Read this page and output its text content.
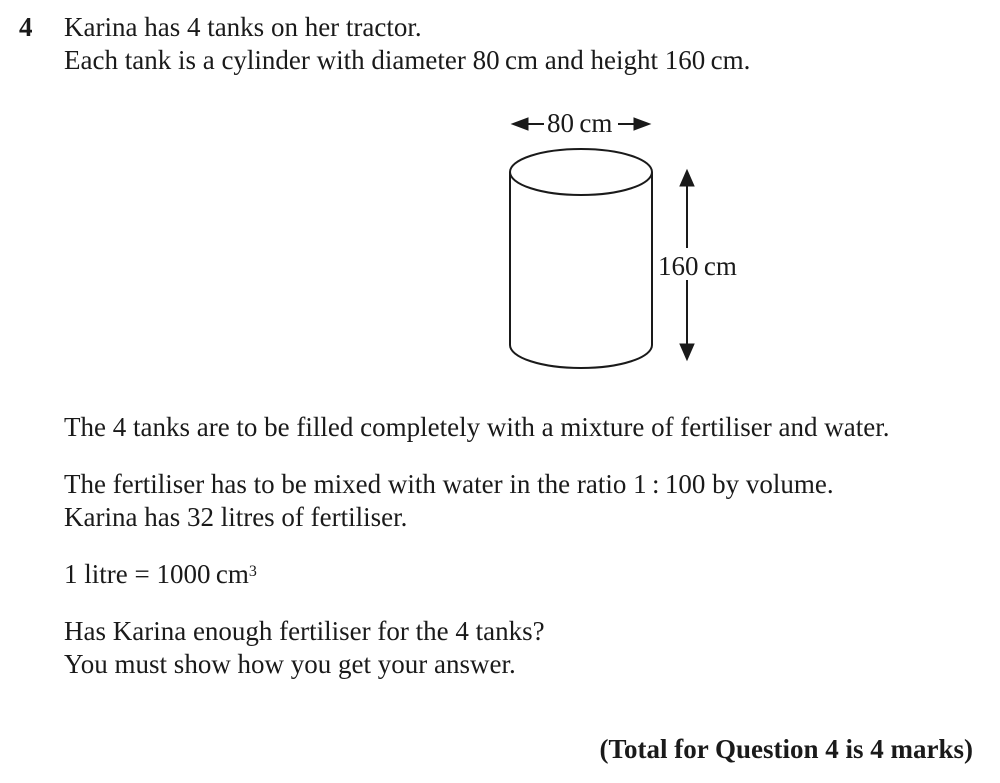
4 Karina has 4 tanks on her tractor.
Each tank is a cylinder with diameter 80 cm and height 160 cm.
80 cm
160 cm
The 4 tanks are to be filled completely with a mixture of fertiliser and water.
The fertiliser has to be mixed with water in the ratio 1 : 100 by volume.
Karina has 32 litres of fertiliser.
1 litre = 1000 $cm^3$
Has Karina enough fertiliser for the 4 tanks?
You must show how you get your answer.
(Total for Question 4 is 4 marks)
